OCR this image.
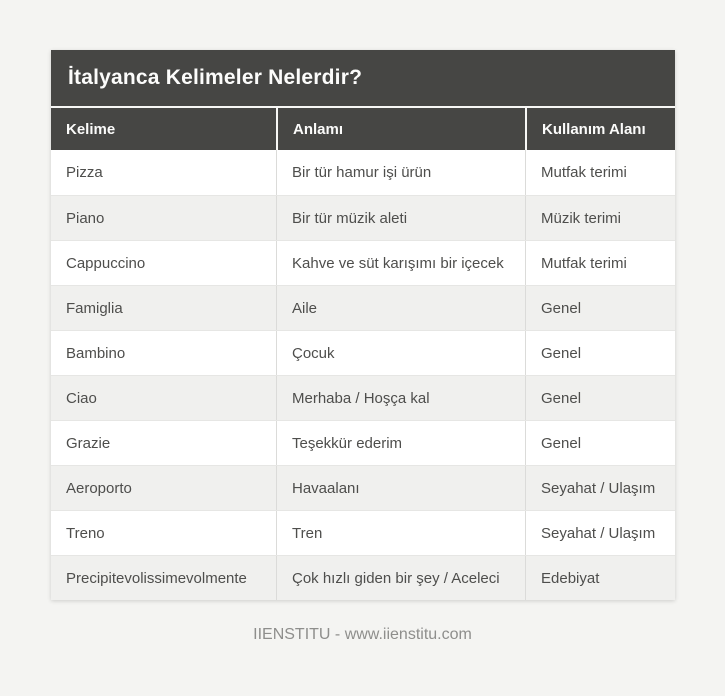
İtalyanca Kelimeler Nelerdir?
Kelime	Anlamı	Kullanım Alanı
Pizza	Bir tür hamur işi ürün	Mutfak terimi
Piano	Bir tür müzik aleti	Müzik terimi
Cappuccino	Kahve ve süt karışımı bir içecek	Mutfak terimi
Famiglia	Aile	Genel
Bambino	Çocuk	Genel
Ciao	Merhaba / Hoşça kal	Genel
Grazie	Teşekkür ederim	Genel
Aeroporto	Havaalanı	Seyahat / Ulaşım
Treno	Tren	Seyahat / Ulaşım
Precipitevolissimevolmente	Çok hızlı giden bir şey / Aceleci	Edebiyat
IIENSTITU - www.iienstitu.com
